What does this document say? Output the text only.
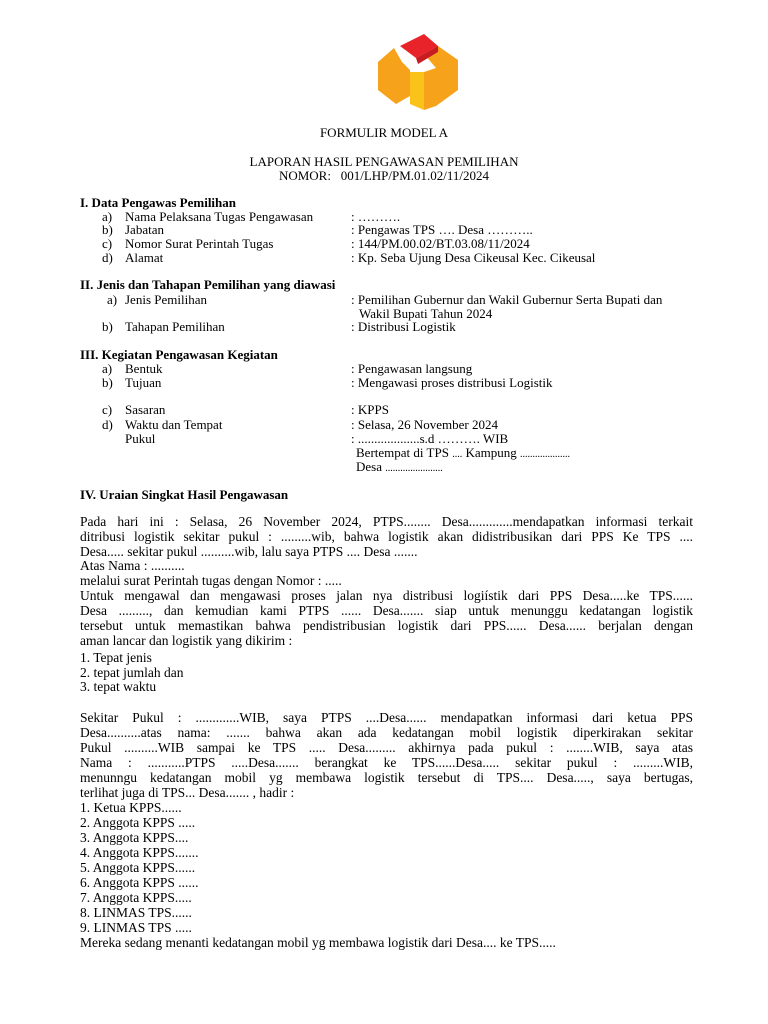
FORMULIR MODEL A
LAPORAN HASIL PENGAWASAN PEMILIHAN
NOMOR: 001/LHP/PM.01.02/11/2024
I. Data Pengawas Pemilihan
a) Nama Pelaksana Tugas Pengawasan	: ……….
b) Jabatan	: Pengawas TPS …. Desa ………..
c) Nomor Surat Perintah Tugas	: 144/PM.00.02/BT.03.08/11/2024
d) Alamat	: Kp. Seba Ujung Desa Cikeusal Kec. Cikeusal
II. Jenis dan Tahapan Pemilihan yang diawasi
a) Jenis Pemilihan	: Pemilihan Gubernur dan Wakil Gubernur Serta Bupati dan
Wakil Bupati Tahun 2024
b) Tahapan Pemilihan	: Distribusi Logistik
III. Kegiatan Pengawasan Kegiatan
a) Bentuk	: Pengawasan langsung
b) Tujuan	: Mengawasi proses distribusi Logistik
c) Sasaran	: KPPS
d) Waktu dan Tempat	: Selasa, 26 November 2024
Pukul	: ...................s.d ………. WIB
Bertempat di TPS .... Kampung ....................
Desa .......................
IV. Uraian Singkat Hasil Pengawasan
Pada hari ini : Selasa, 26 November 2024, PTPS........ Desa.............mendapatkan informasi terkait
ditribusi logistik sekitar pukul : .........wib, bahwa logistik akan didistribusikan dari PPS Ke TPS ....
Desa..... sekitar pukul ..........wib, lalu saya PTPS .... Desa .......
Atas Nama : ..........
melalui surat Perintah tugas dengan Nomor : .....
Untuk mengawal dan mengawasi proses jalan nya distribusi logiístik dari PPS Desa.....ke TPS......
Desa ........., dan kemudian kami PTPS ...... Desa....... siap untuk menunggu kedatangan logistik
tersebut untuk memastikan bahwa pendistribusian logistik dari PPS...... Desa...... berjalan dengan
aman lancar dan logistik yang dikirim :
1. Tepat jenis
2. tepat jumlah dan
3. tepat waktu
Sekitar Pukul : .............WIB, saya PTPS ....Desa...... mendapatkan informasi dari ketua PPS
Desa..........atas nama: ....... bahwa akan ada kedatangan mobil logistik diperkirakan sekitar
Pukul ..........WIB sampai ke TPS ..... Desa......... akhirnya pada pukul : ........WIB, saya atas
Nama : ...........PTPS .....Desa....... berangkat ke TPS......Desa..... sekitar pukul : .........WIB,
menunngu kedatangan mobil yg membawa logistik tersebut di TPS.... Desa....., saya bertugas,
terlihat juga di TPS... Desa....... , hadir :
1. Ketua KPPS......
2. Anggota KPPS .....
3. Anggota KPPS....
4. Anggota KPPS.......
5. Anggota KPPS......
6. Anggota KPPS ......
7. Anggota KPPS.....
8. LINMAS TPS......
9. LINMAS TPS .....
Mereka sedang menanti kedatangan mobil yg membawa logistik dari Desa.... ke TPS.....
